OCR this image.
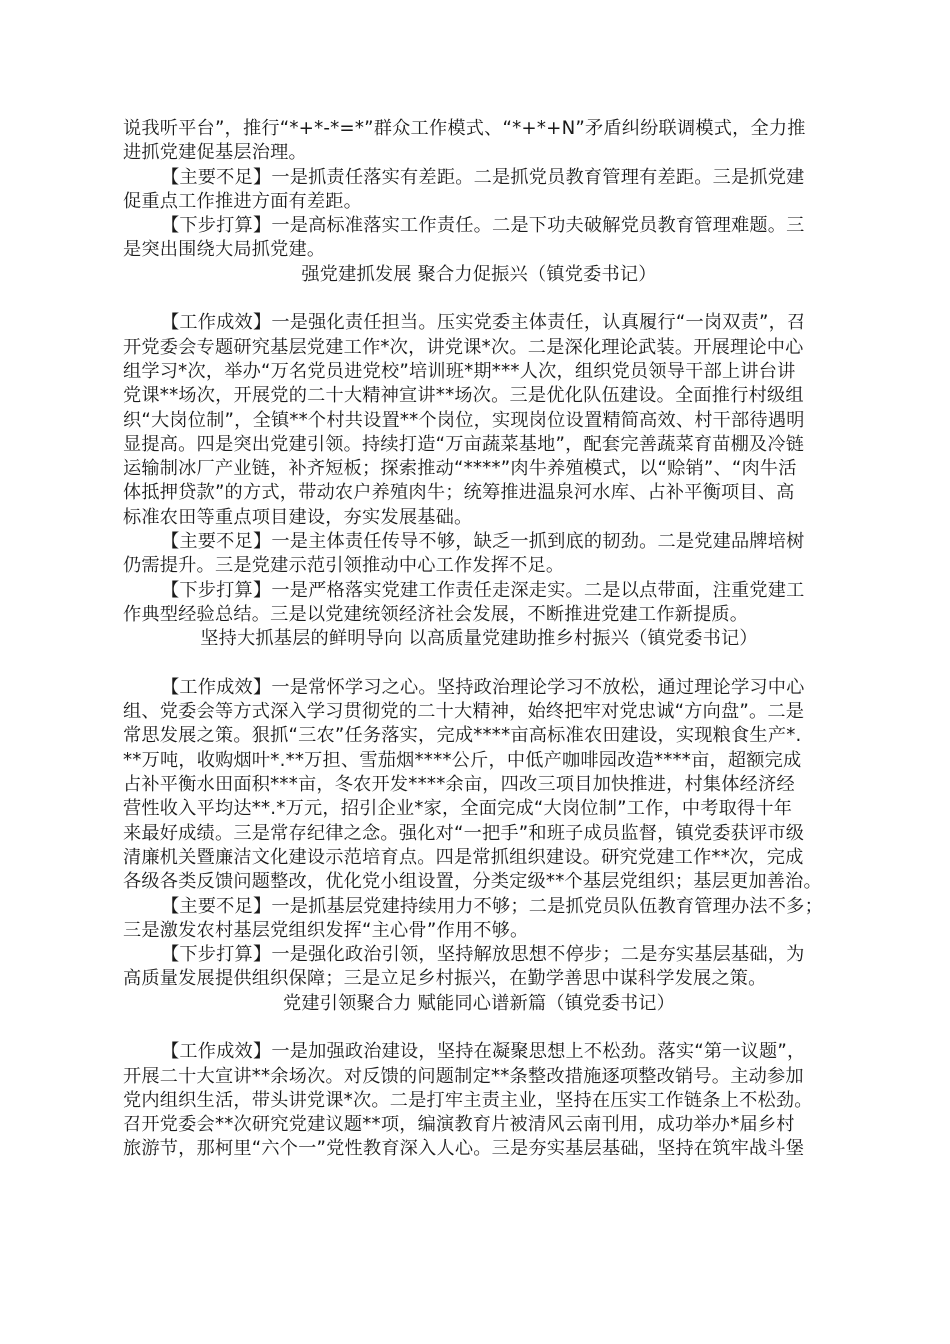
说我听平台”，推行“*+*-*=*”群众工作模式、“*+*+N”矛盾纠纷联调模式，全力推
进抓党建促基层治理。
【主要不足】一是抓责任落实有差距。二是抓党员教育管理有差距。三是抓党建
促重点工作推进方面有差距。
【下步打算】一是高标准落实工作责任。二是下功夫破解党员教育管理难题。三
是突出围绕大局抓党建。
强党建抓发展 聚合力促振兴（镇党委书记）
【工作成效】一是强化责任担当。压实党委主体责任，认真履行“一岗双责”，召
开党委会专题研究基层党建工作*次，讲党课*次。二是深化理论武装。开展理论中心
组学习*次，举办“万名党员进党校”培训班*期***人次，组织党员领导干部上讲台讲
党课**场次，开展党的二十大精神宣讲**场次。三是优化队伍建设。全面推行村级组
织“大岗位制”，全镇**个村共设置**个岗位，实现岗位设置精简高效、村干部待遇明
显提高。四是突出党建引领。持续打造“万亩蔬菜基地”，配套完善蔬菜育苗棚及冷链
运输制冰厂产业链，补齐短板；探索推动“****”肉牛养殖模式，以“赊销”、“肉牛活
体抵押贷款”的方式，带动农户养殖肉牛；统筹推进温泉河水库、占补平衡项目、高
标准农田等重点项目建设，夯实发展基础。
【主要不足】一是主体责任传导不够，缺乏一抓到底的韧劲。二是党建品牌培树
仍需提升。三是党建示范引领推动中心工作发挥不足。
【下步打算】一是严格落实党建工作责任走深走实。二是以点带面，注重党建工
作典型经验总结。三是以党建统领经济社会发展，不断推进党建工作新提质。
坚持大抓基层的鲜明导向 以高质量党建助推乡村振兴（镇党委书记）
【工作成效】一是常怀学习之心。坚持政治理论学习不放松，通过理论学习中心
组、党委会等方式深入学习贯彻党的二十大精神，始终把牢对党忠诚“方向盘”。二是
常思发展之策。狠抓“三农”任务落实，完成****亩高标准农田建设，实现粮食生产*.
**万吨，收购烟叶*.**万担、雪茄烟****公斤，中低产咖啡园改造****亩，超额完成
占补平衡水田面积***亩，冬农开发****余亩，四改三项目加快推进，村集体经济经
营性收入平均达**.*万元，招引企业*家，全面完成“大岗位制”工作，中考取得十年
来最好成绩。三是常存纪律之念。强化对“一把手”和班子成员监督，镇党委获评市级
清廉机关暨廉洁文化建设示范培育点。四是常抓组织建设。研究党建工作**次，完成
各级各类反馈问题整改，优化党小组设置，分类定级**个基层党组织；基层更加善治。
【主要不足】一是抓基层党建持续用力不够；二是抓党员队伍教育管理办法不多；
三是激发农村基层党组织发挥“主心骨”作用不够。
【下步打算】一是强化政治引领，坚持解放思想不停步；二是夯实基层基础，为
高质量发展提供组织保障；三是立足乡村振兴，在勤学善思中谋科学发展之策。
党建引领聚合力 赋能同心谱新篇（镇党委书记）
【工作成效】一是加强政治建设，坚持在凝聚思想上不松劲。落实“第一议题”，
开展二十大宣讲**余场次。对反馈的问题制定**条整改措施逐项整改销号。主动参加
党内组织生活，带头讲党课*次。二是打牢主责主业，坚持在压实工作链条上不松劲。
召开党委会**次研究党建议题**项，编演教育片被清风云南刊用，成功举办*届乡村
旅游节，那柯里“六个一”党性教育深入人心。三是夯实基层基础，坚持在筑牢战斗堡
